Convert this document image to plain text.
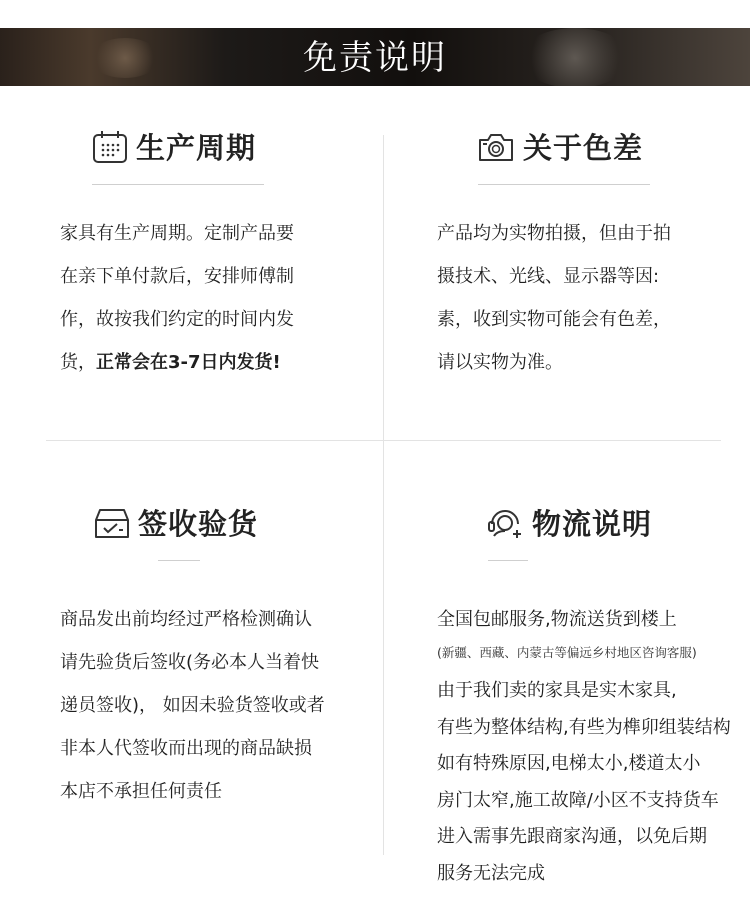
免责说明
生产周期
家具有生产周期。定制产品要
在亲下单付款后，安排师傅制
作，故按我们约定的时间内发
货，正常会在3-7日内发货!
关于色差
产品均为实物拍摄，但由于拍
摄技术、光线、显示器等因:
素，收到实物可能会有色差，
请以实物为准。
签收验货
商品发出前均经过严格检测确认
请先验货后签收(务必本人当着快
递员签收)， 如因未验货签收或者
非本人代签收而出现的商品缺损
本店不承担任何责任
物流说明
全国包邮服务,物流送货到楼上
(新疆、西藏、内蒙古等偏远乡村地区咨询客服)
由于我们卖的家具是实木家具,
有些为整体结构,有些为榫卯组装结构
如有特殊原因,电梯太小,楼道太小
房门太窄,施工故障/小区不支持货车
进入需事先跟商家沟通，以免后期
服务无法完成
